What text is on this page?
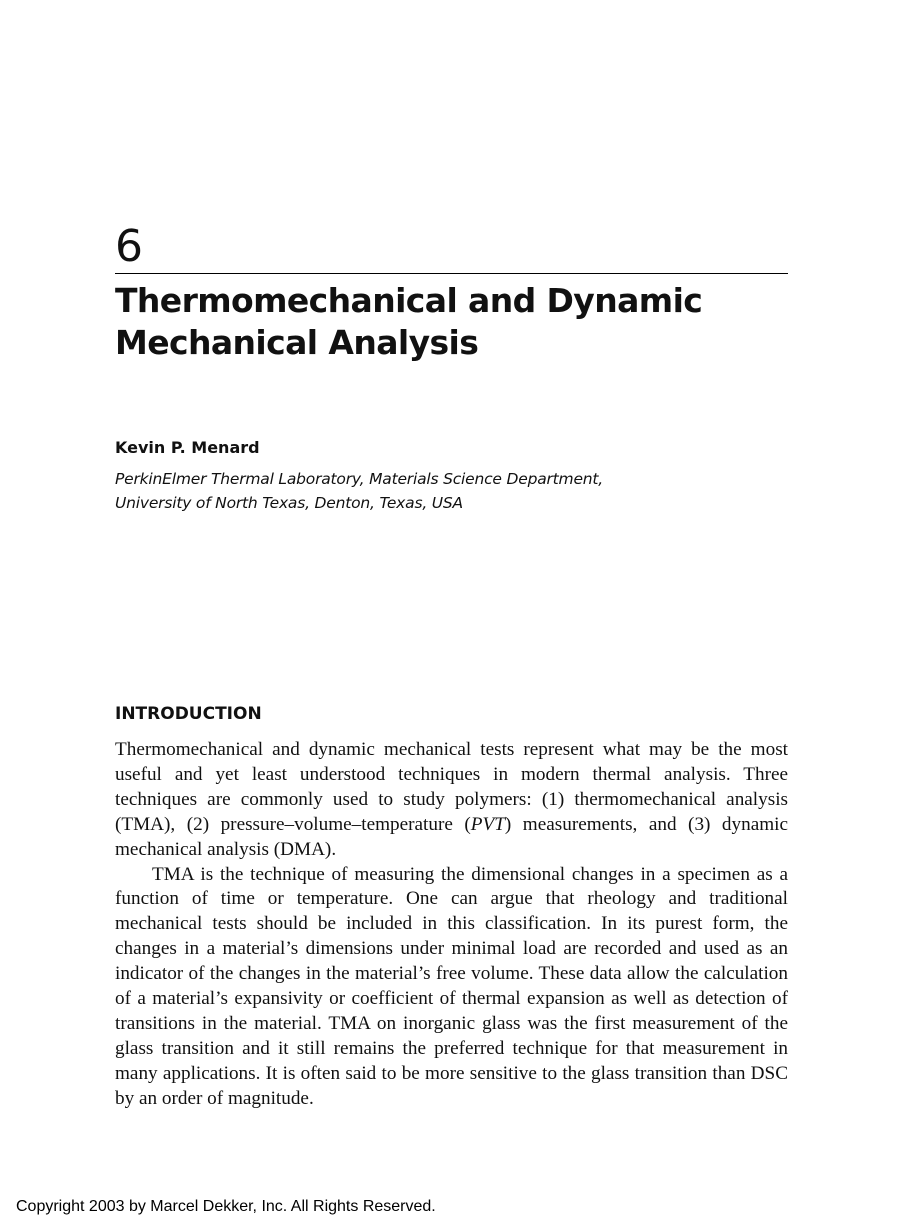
6
Thermomechanical and Dynamic
Mechanical Analysis
Kevin P. Menard
PerkinElmer Thermal Laboratory, Materials Science Department,
University of North Texas, Denton, Texas, USA
INTRODUCTION

Thermomechanical and dynamic mechanical tests represent what may be the most useful and yet least understood techniques in modern thermal analysis. Three techniques are commonly used to study polymers: (1) thermomechanical analysis (TMA), (2) pressure–volume–temperature (PVT) measurements, and (3) dynamic mechanical analysis (DMA).

TMA is the technique of measuring the dimensional changes in a specimen as a function of time or temperature. One can argue that rheology and traditional mechanical tests should be included in this classification. In its purest form, the changes in a material’s dimensions under minimal load are recorded and used as an indicator of the changes in the material’s free volume. These data allow the calculation of a material’s expansivity or coefficient of thermal expansion as well as detection of transitions in the material. TMA on inorganic glass was the first measurement of the glass transition and it still remains the preferred technique for that measurement in many applications. It is often said to be more sensitive to the glass transition than DSC by an order of magnitude.

Copyright 2003 by Marcel Dekker, Inc. All Rights Reserved.
